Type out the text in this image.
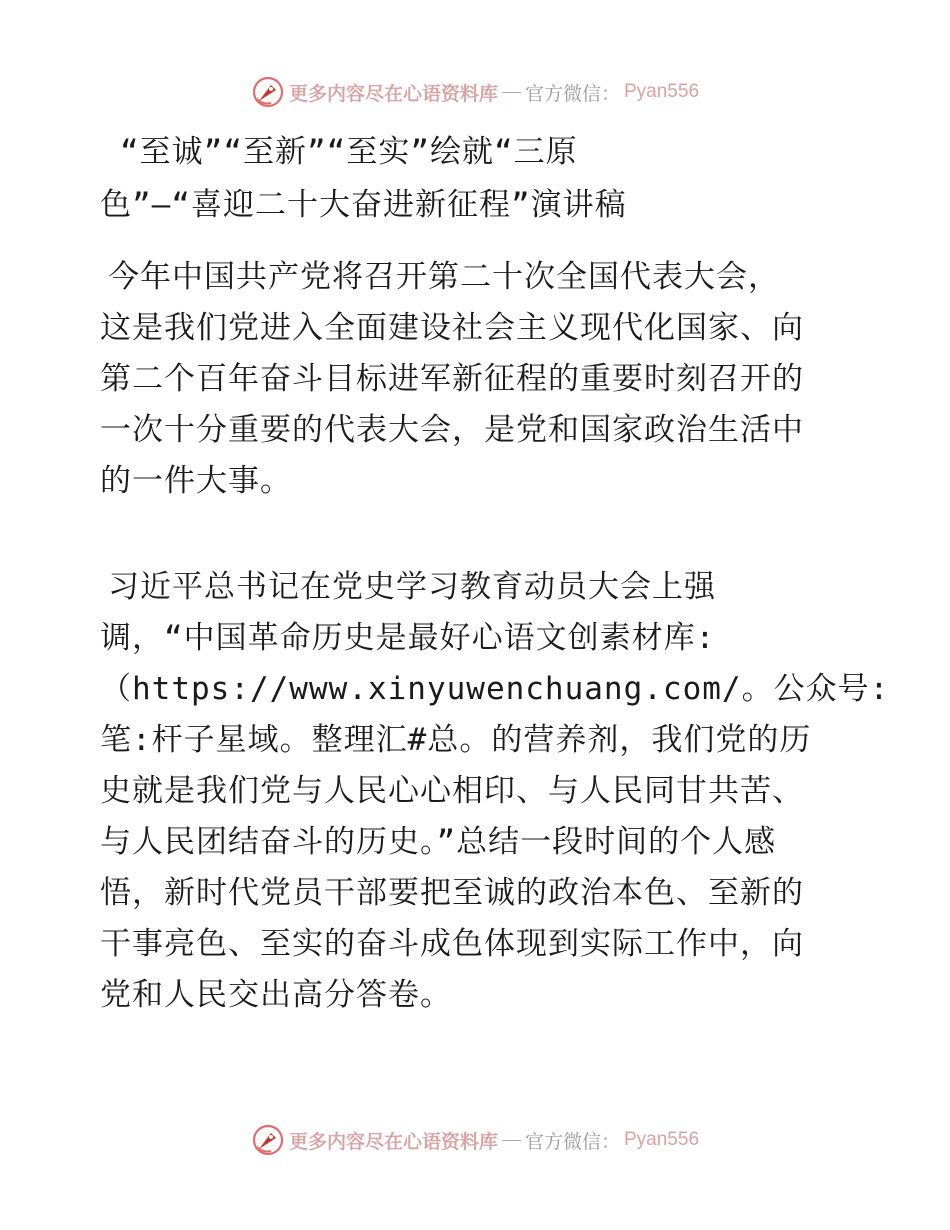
更多内容尽在心语资料库 — 官方微信： Pyan556
“至诚”“至新”“至实”绘就“三原
色”—“喜迎二十大奋进新征程”演讲稿
今年中国共产党将召开第二十次全国代表大会，
这是我们党进入全面建设社会主义现代化国家、向
第二个百年奋斗目标进军新征程的重要时刻召开的
一次十分重要的代表大会，是党和国家政治生活中
的一件大事。
习近平总书记在党史学习教育动员大会上强
调，“中国革命历史是最好心语文创素材库:
（https://www.xinyuwenchuang.com/。公众号:
笔:杆子星域。整理汇#总。的营养剂，我们党的历
史就是我们党与人民心心相印、与人民同甘共苦、
与人民团结奋斗的历史。”总结一段时间的个人感
悟，新时代党员干部要把至诚的政治本色、至新的
干事亮色、至实的奋斗成色体现到实际工作中，向
党和人民交出高分答卷。
更多内容尽在心语资料库 — 官方微信： Pyan556
